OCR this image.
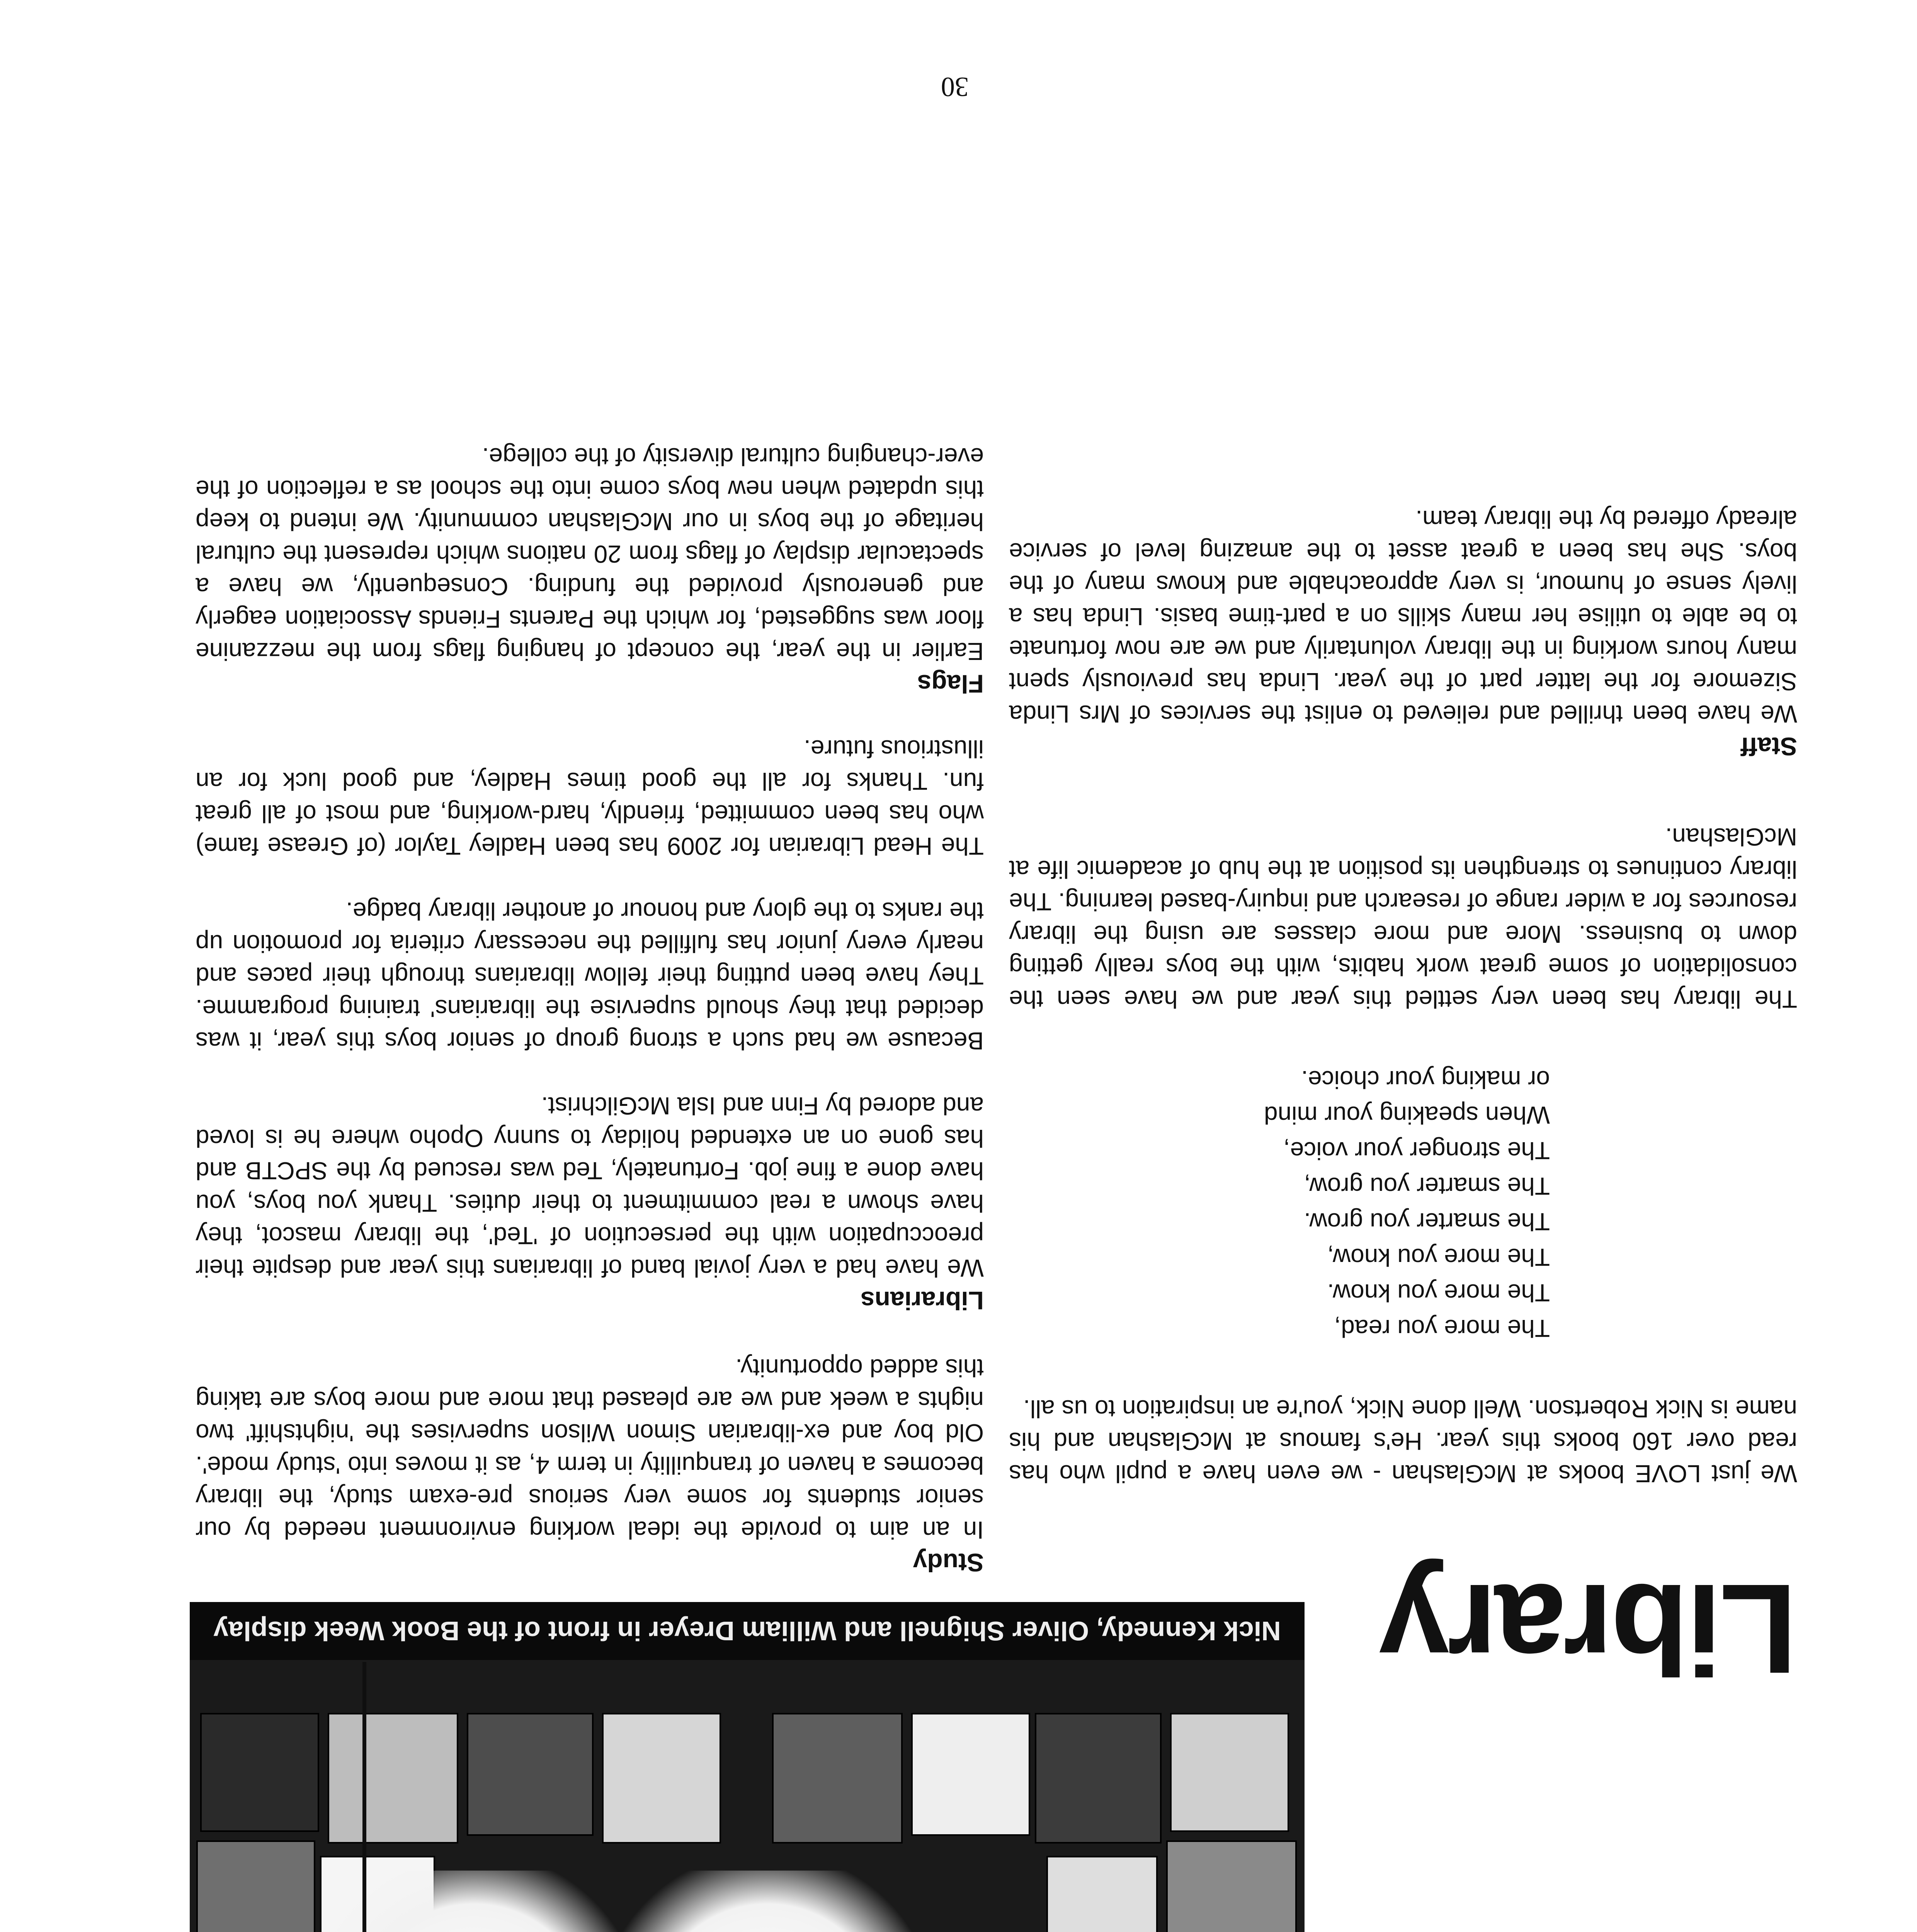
Nick Kennedy, Oliver Shignell and William Dreyer in front of the Book Week display

Study

In an aim to provide the ideal working environment needed by our senior students for some very serious pre-exam study, the library becomes a haven of tranquillity in term 4, as it moves into 'study mode'. Old boy and ex-librarian Simon Wilson supervises the 'nightshift' two nights a week and we are pleased that more and more boys are taking this added opportunity.

Librarians

We have had a very jovial band of librarians this year and despite their preoccupation with the persecution of 'Ted', the library mascot, they have shown a real commitment to their duties. Thank you boys, you have done a fine job. Fortunately, Ted was rescued by the SPCTB and has gone on an extended holiday to sunny Opoho where he is loved and adored by Finn and Isla McGilchrist.

Because we had such a strong group of senior boys this year, it was decided that they should supervise the librarians' training programme. They have been putting their fellow librarians through their paces and nearly every junior has fulfilled the necessary criteria for promotion up the ranks to the glory and honour of another library badge.

The Head Librarian for 2009 has been Hadley Taylor (of Grease fame) who has been committed, friendly, hard-working, and most of all great fun. Thanks for all the good times Hadley, and good luck for an illustrious future.

Flags

Earlier in the year, the concept of hanging flags from the mezzanine floor was suggested, for which the Parents Friends Association eagerly and generously provided the funding. Consequently, we have a spectacular display of flags from 20 nations which represent the cultural heritage of the boys in our McGlashan community. We intend to keep this updated when new boys come into the school as a reflection of the ever-changing cultural diversity of the college.

Library

We just LOVE books at McGlashan - we even have a pupil who has read over 160 books this year. He's famous at McGlashan and his name is Nick Robertson. Well done Nick, you're an inspiration to us all.

The more you read,
The more you know.
The more you know,
The smarter you grow.
The smarter you grow,
The stronger your voice,
When speaking your mind
or making your choice.

The library has been very settled this year and we have seen the consolidation of some great work habits, with the boys really getting down to business. More and more classes are using the library resources for a wider range of research and inquiry-based learning. The library continues to strengthen its position at the hub of academic life at McGlashan.

Staff

We have been thrilled and relieved to enlist the services of Mrs Linda Sizemore for the latter part of the year. Linda has previously spent many hours working in the library voluntarily and we are now fortunate to be able to utilise her many skills on a part-time basis. Linda has a lively sense of humour, is very approachable and knows many of the boys. She has been a great asset to the amazing level of service already offered by the library team.

30
